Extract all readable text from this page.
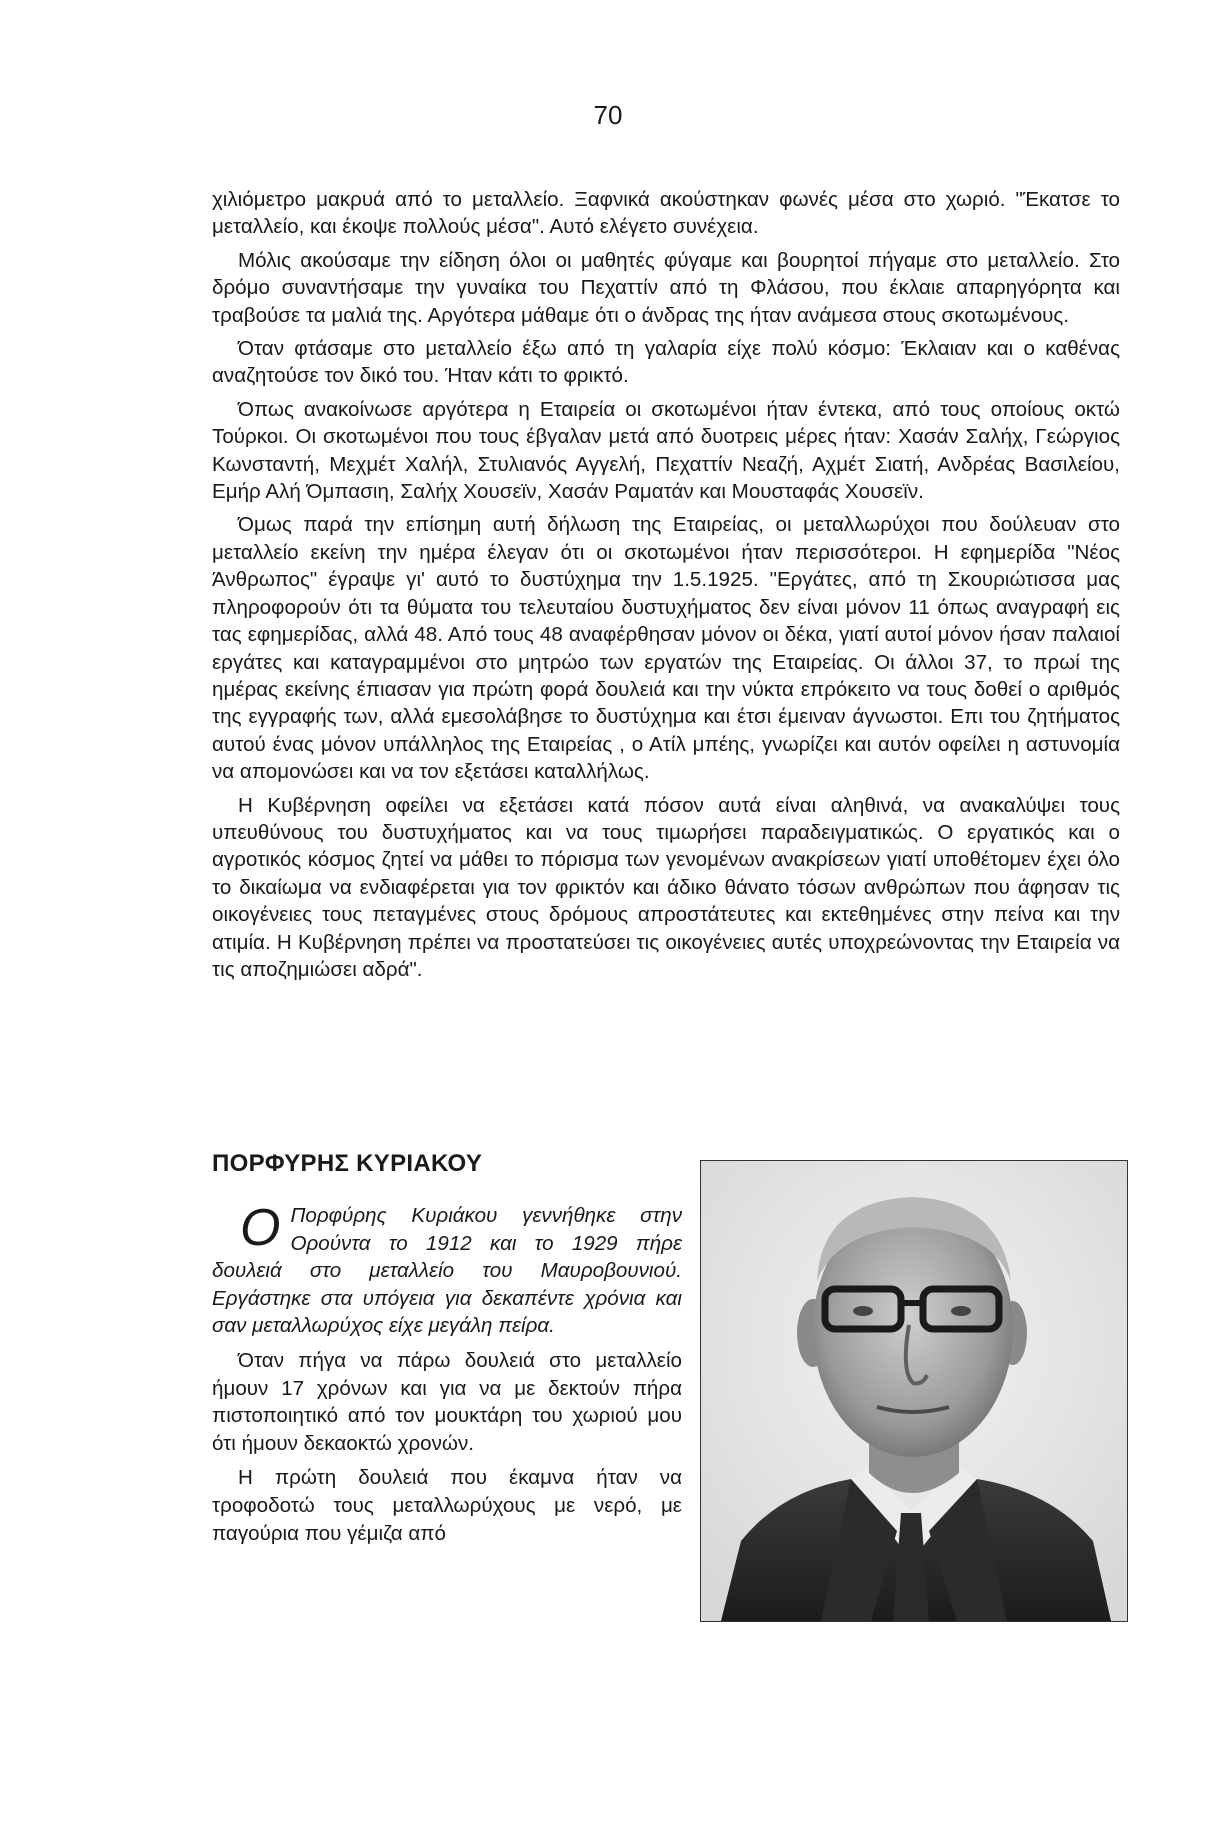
70

χιλιόμετρο μακρυά από το μεταλλείο. Ξαφνικά ακούστηκαν φωνές μέσα στο χωριό. "Έκατσε το μεταλλείο, και έκοψε πολλούς μέσα". Αυτό ελέγετο συνέχεια.

Μόλις ακούσαμε την είδηση όλοι οι μαθητές φύγαμε και βουρητοί πήγαμε στο μεταλλείο. Στο δρόμο συναντήσαμε την γυναίκα του Πεχαττίν από τη Φλάσου, που έκλαιε απαρηγόρητα και τραβούσε τα μαλιά της. Αργότερα μάθαμε ότι ο άνδρας της ήταν ανάμεσα στους σκοτωμένους.

Όταν φτάσαμε στο μεταλλείο έξω από τη γαλαρία είχε πολύ κόσμο: Έκλαιαν και ο καθένας αναζητούσε τον δικό του. Ήταν κάτι το φρικτό.

Όπως ανακοίνωσε αργότερα η Εταιρεία οι σκοτωμένοι ήταν έντεκα, από τους οποίους οκτώ Τούρκοι. Οι σκοτωμένοι που τους έβγαλαν μετά από δυοτρεις μέρες ήταν: Χασάν Σαλήχ, Γεώργιος Κωνσταντή, Μεχμέτ Χαλήλ, Στυλιανός Αγγελή, Πεχαττίν Νεαζή, Αχμέτ Σιατή, Ανδρέας Βασιλείου, Εμήρ Αλή Όμπασιη, Σαλήχ Χουσεϊν, Χασάν Ραματάν και Μουσταφάς Χουσεϊν.

Όμως παρά την επίσημη αυτή δήλωση της Εταιρείας, οι μεταλλωρύχοι που δούλευαν στο μεταλλείο εκείνη την ημέρα έλεγαν ότι οι σκοτωμένοι ήταν περισσότεροι. Η εφημερίδα "Νέος Άνθρωπος" έγραψε γι' αυτό το δυστύχημα την 1.5.1925. "Εργάτες, από τη Σκουριώτισσα μας πληροφορούν ότι τα θύματα του τελευταίου δυστυχήματος δεν είναι μόνον 11 όπως αναγραφή εις τας εφημερίδας, αλλά 48. Από τους 48 αναφέρθησαν μόνον οι δέκα, γιατί αυτοί μόνον ήσαν παλαιοί εργάτες και καταγραμμένοι στο μητρώο των εργατών της Εταιρείας. Οι άλλοι 37, το πρωί της ημέρας εκείνης έπιασαν για πρώτη φορά δουλειά και την νύκτα επρόκειτο να τους δοθεί ο αριθμός της εγγραφής των, αλλά εμεσολάβησε το δυστύχημα και έτσι έμειναν άγνωστοι. Επι του ζητήματος αυτού ένας μόνον υπάλληλος της Εταιρείας , ο Ατίλ μπέης, γνωρίζει και αυτόν οφείλει η αστυνομία να απομονώσει και να τον εξετάσει καταλλήλως.

Η Κυβέρνηση οφείλει να εξετάσει κατά πόσον αυτά είναι αληθινά, να ανακαλύψει τους υπευθύνους του δυστυχήματος και να τους τιμωρήσει παραδειγματικώς. Ο εργατικός και ο αγροτικός κόσμος ζητεί να μάθει το πόρισμα των γενομένων ανακρίσεων γιατί υποθέτομεν έχει όλο το δικαίωμα να ενδιαφέρεται για τον φρικτόν και άδικο θάνατο τόσων ανθρώπων που άφησαν τις οικογένειες τους πεταγμένες στους δρόμους απροστάτευτες και εκτεθημένες στην πείνα και την ατιμία. Η Κυβέρνηση πρέπει να προστατεύσει τις οικογένειες αυτές υποχρεώνοντας την Εταιρεία να τις αποζημιώσει αδρά".

ΠΟΡΦΥΡΗΣ ΚΥΡΙΑΚΟΥ

Ο Πορφύρης Κυριάκου γεννήθηκε στην Ορούντα το 1912 και το 1929 πήρε δουλειά στο μεταλλείο του Μαυροβουνιού. Εργάστηκε στα υπόγεια για δεκαπέντε χρόνια και σαν μεταλλωρύχος είχε μεγάλη πείρα.

Όταν πήγα να πάρω δουλειά στο μεταλλείο ήμουν 17 χρόνων και για να με δεκτούν πήρα πιστοποιητικό από τον μουκτάρη του χωριού μου ότι ήμουν δεκαοκτώ χρονών.

Η πρώτη δουλειά που έκαμνα ήταν να τροφοδοτώ τους μεταλλωρύχους με νερό, με παγούρια που γέμιζα από
